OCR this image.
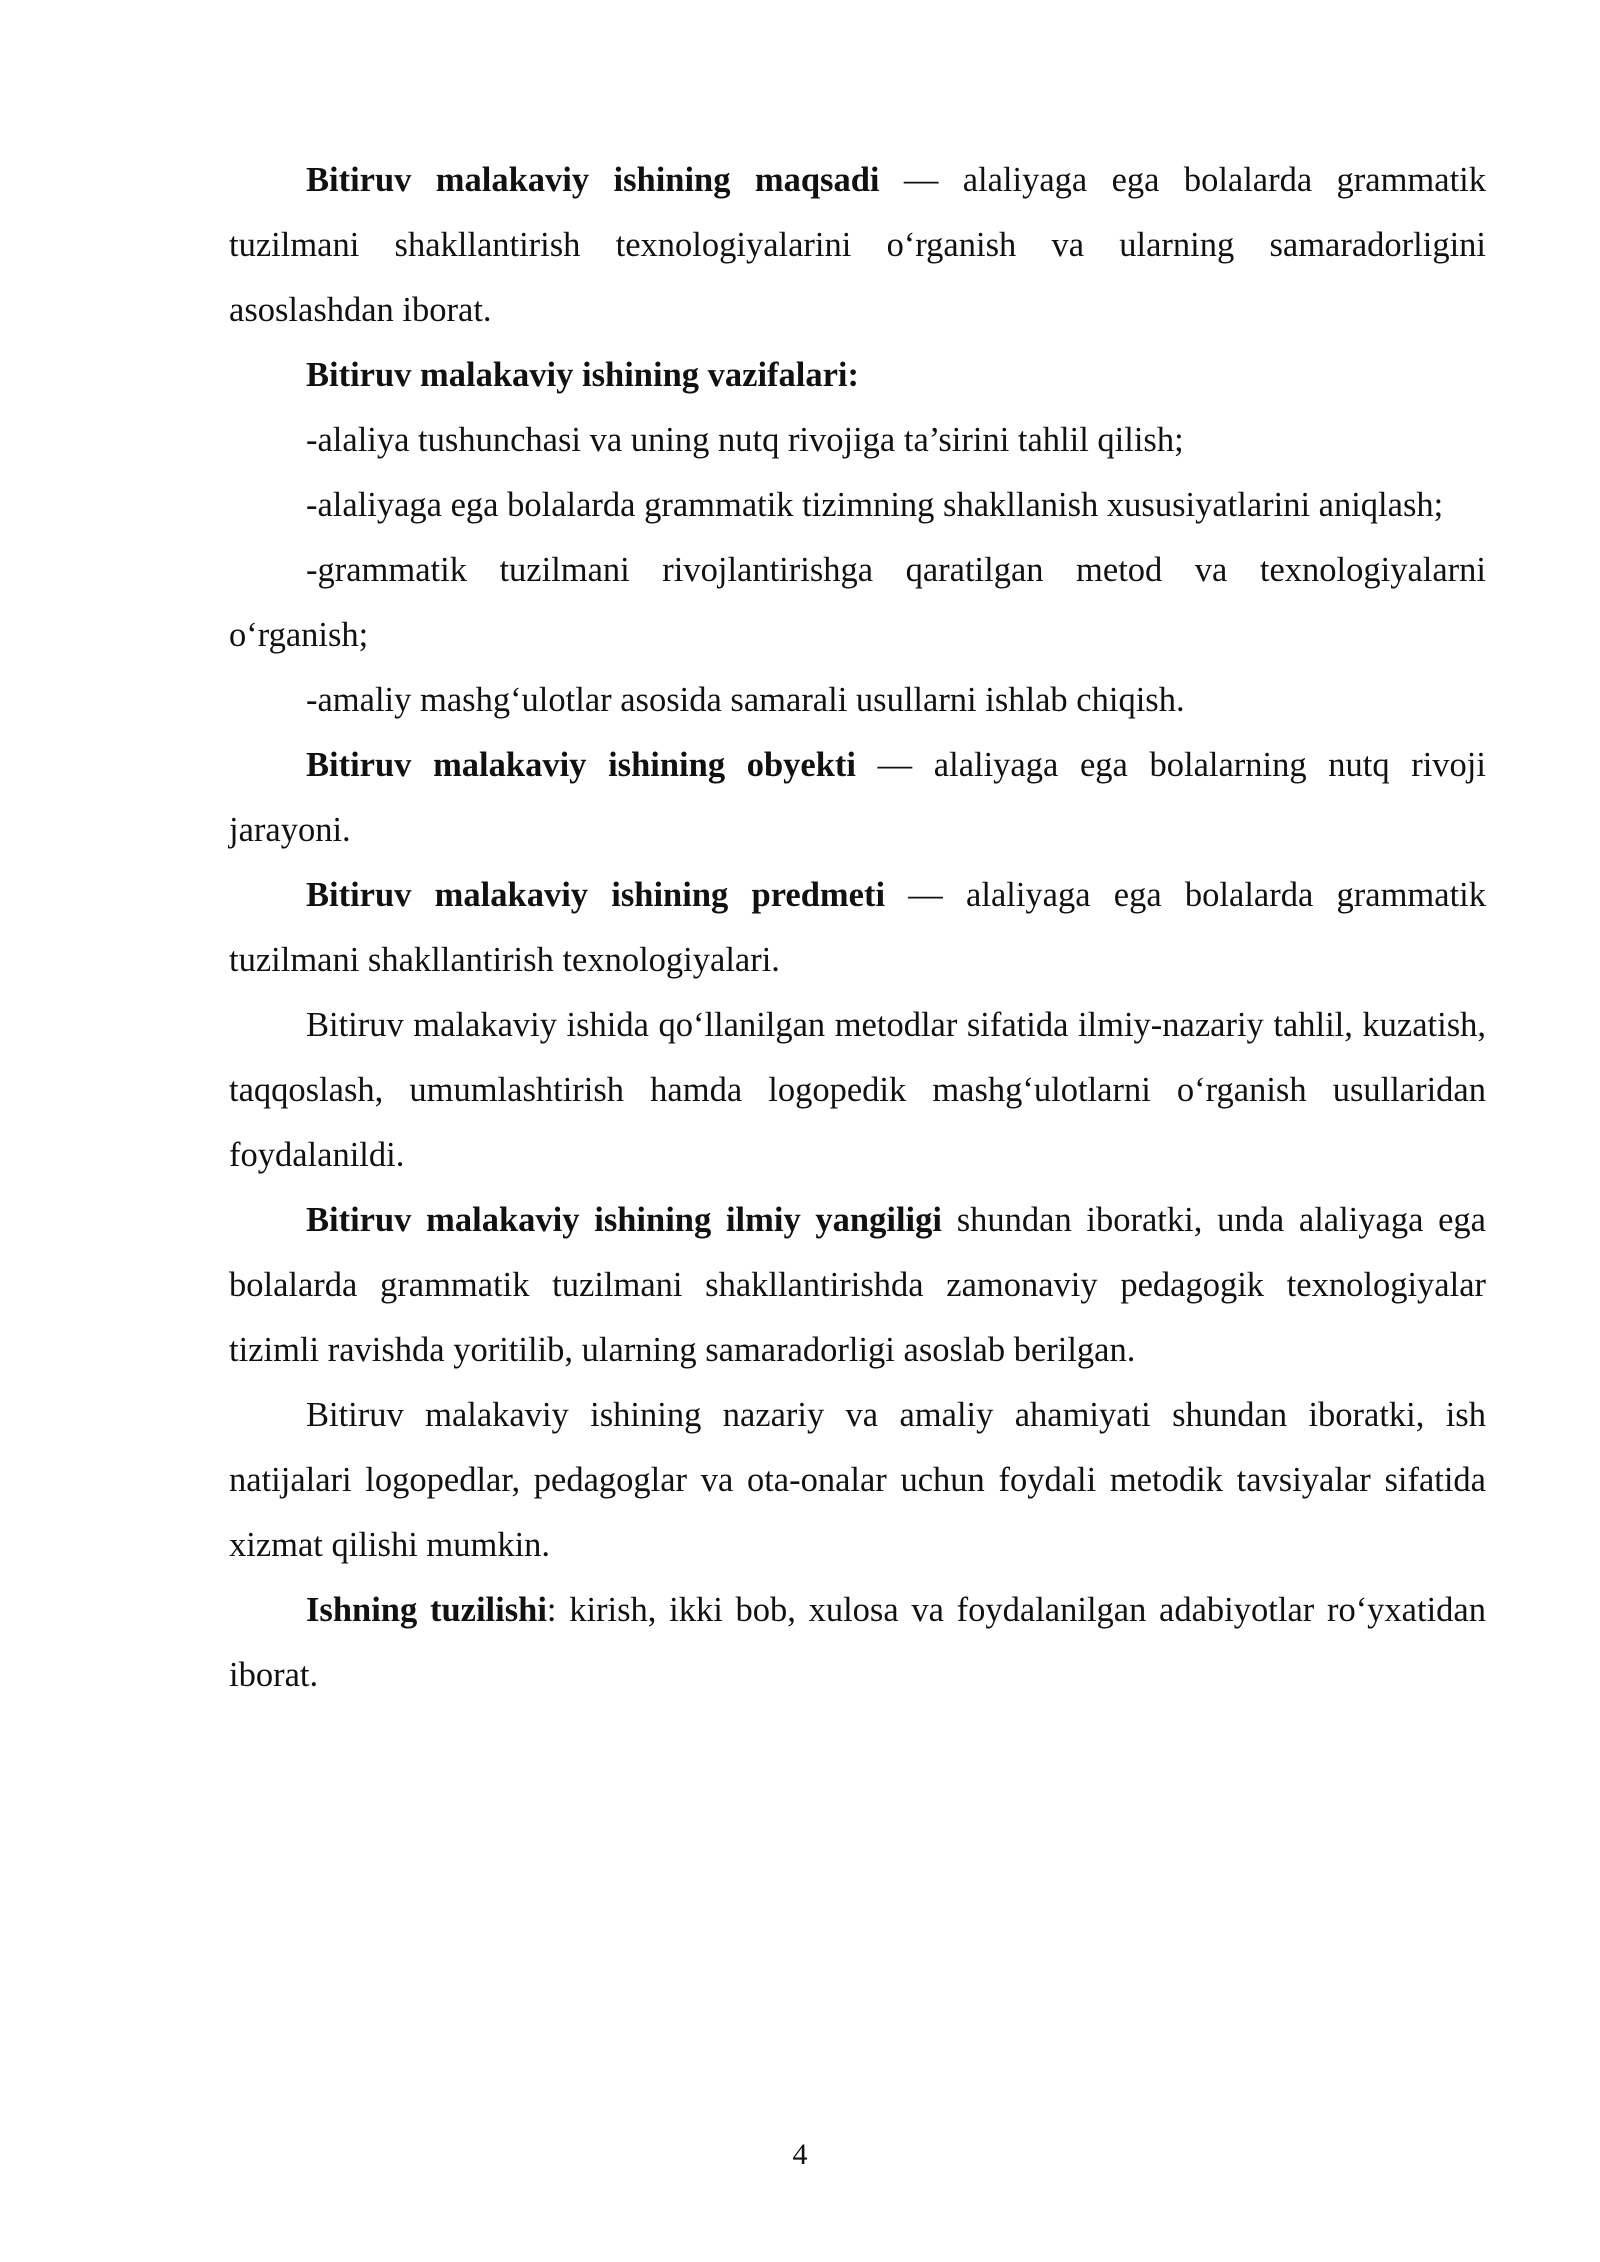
Bitiruv malakaviy ishining maqsadi — alaliyaga ega bolalarda grammatik tuzilmani shakllantirish texnologiyalarini o‘rganish va ularning samaradorligini asoslashdan iborat.

Bitiruv malakaviy ishining vazifalari:

-alaliya tushunchasi va uning nutq rivojiga ta’sirini tahlil qilish;

-alaliyaga ega bolalarda grammatik tizimning shakllanish xususiyatlarini aniqlash;

-grammatik tuzilmani rivojlantirishga qaratilgan metod va texnologiyalarni o‘rganish;

-amaliy mashg‘ulotlar asosida samarali usullarni ishlab chiqish.

Bitiruv malakaviy ishining obyekti — alaliyaga ega bolalarning nutq rivoji jarayoni.

Bitiruv malakaviy ishining predmeti — alaliyaga ega bolalarda grammatik tuzilmani shakllantirish texnologiyalari.

Bitiruv malakaviy ishida qo‘llanilgan metodlar sifatida ilmiy-nazariy tahlil, kuzatish, taqqoslash, umumlashtirish hamda logopedik mashg‘ulotlarni o‘rganish usullaridan foydalanildi.

Bitiruv malakaviy ishining ilmiy yangiligi shundan iboratki, unda alaliyaga ega bolalarda grammatik tuzilmani shakllantirishda zamonaviy pedagogik texnologiyalar tizimli ravishda yoritilib, ularning samaradorligi asoslab berilgan.

Bitiruv malakaviy ishining nazariy va amaliy ahamiyati shundan iboratki, ish natijalari logopedlar, pedagoglar va ota-onalar uchun foydali metodik tavsiyalar sifatida xizmat qilishi mumkin.

Ishning tuzilishi: kirish, ikki bob, xulosa va foydalanilgan adabiyotlar ro‘yxatidan iborat.

4
